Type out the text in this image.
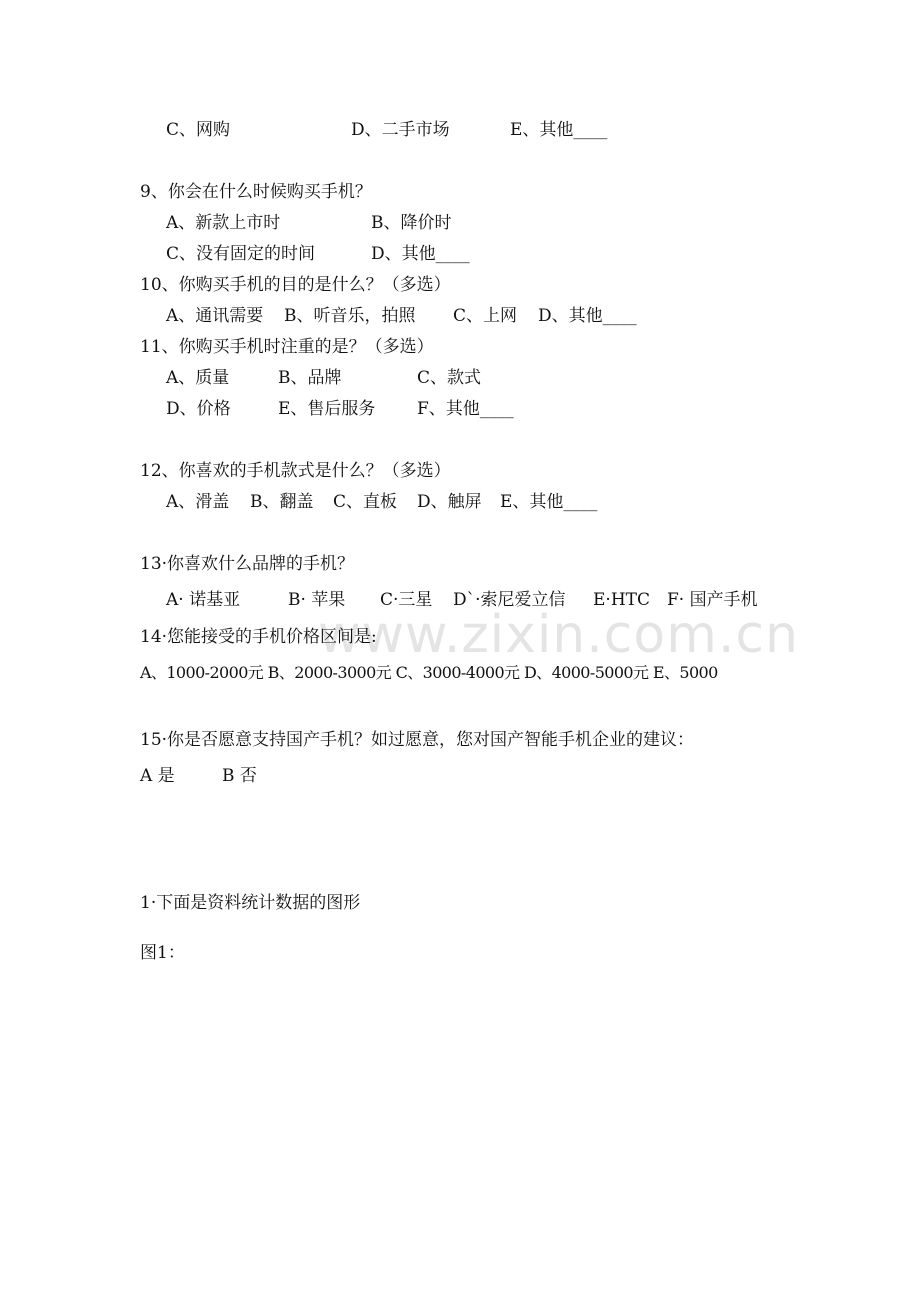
www.zixin.com.cn
C、网购	D、二手市场	E、其他____
9、你会在什么时候购买手机？
A、新款上市时	B、降价时
C、没有固定的时间	D、其他____
10、你购买手机的目的是什么？（多选）
A、通讯需要 B、听音乐，拍照 C、上网 D、其他____
11、你购买手机时注重的是？（多选）
A、质量	B、品牌	C、款式
D、价格	E、售后服务 F、其他____
12、你喜欢的手机款式是什么？（多选）
A、滑盖 B、翻盖 C、直板 D、触屏 E、其他____
13·你喜欢什么品牌的手机？
A· 诺基亚	B· 苹果 C·三星 D`·索尼爱立信 E·HTC F· 国产手机
14·您能接受的手机价格区间是:
A、1000-2000元 B、2000-3000元 C、3000-4000元 D、4000-5000元 E、5000
15·你是否愿意支持国产手机？如过愿意，您对国产智能手机企业的建议：
A 是	B 否
1·下面是资料统计数据的图形
图1：
